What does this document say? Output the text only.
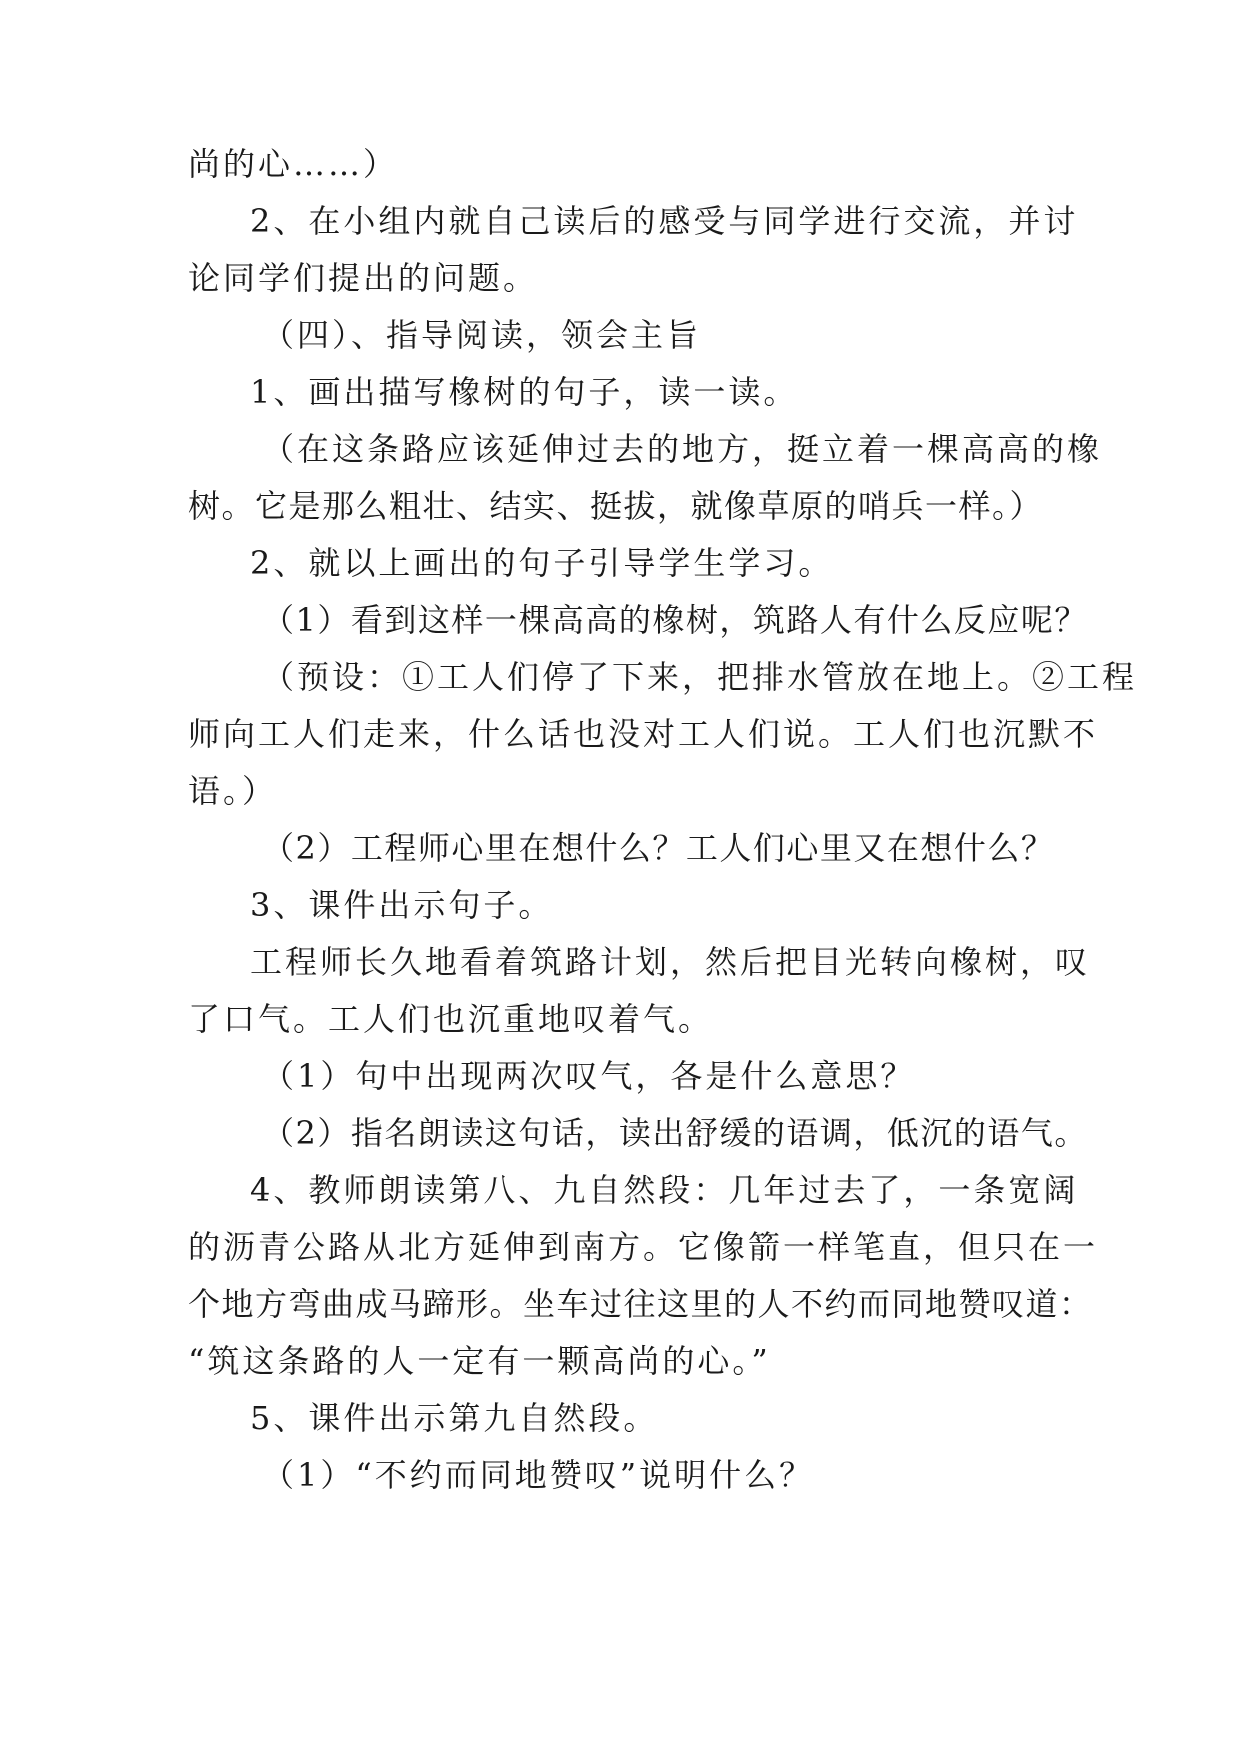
尚的心……）
2、在小组内就自己读后的感受与同学进行交流，并讨
论同学们提出的问题。
（四）、指导阅读，领会主旨
1、画出描写橡树的句子，读一读。
（在这条路应该延伸过去的地方，挺立着一棵高高的橡
树。它是那么粗壮、结实、挺拔，就像草原的哨兵一样。）
2、就以上画出的句子引导学生学习。
（1）看到这样一棵高高的橡树，筑路人有什么反应呢？
（预设：①工人们停了下来，把排水管放在地上。②工程
师向工人们走来，什么话也没对工人们说。工人们也沉默不
语。）
（2）工程师心里在想什么？工人们心里又在想什么？
3、课件出示句子。
工程师长久地看着筑路计划，然后把目光转向橡树，叹
了口气。工人们也沉重地叹着气。
（1）句中出现两次叹气，各是什么意思？
（2）指名朗读这句话，读出舒缓的语调，低沉的语气。
4、教师朗读第八、九自然段：几年过去了，一条宽阔
的沥青公路从北方延伸到南方。它像箭一样笔直，但只在一
个地方弯曲成马蹄形。坐车过往这里的人不约而同地赞叹道：
“筑这条路的人一定有一颗高尚的心。”
5、课件出示第九自然段。
（1）“不约而同地赞叹”说明什么？
